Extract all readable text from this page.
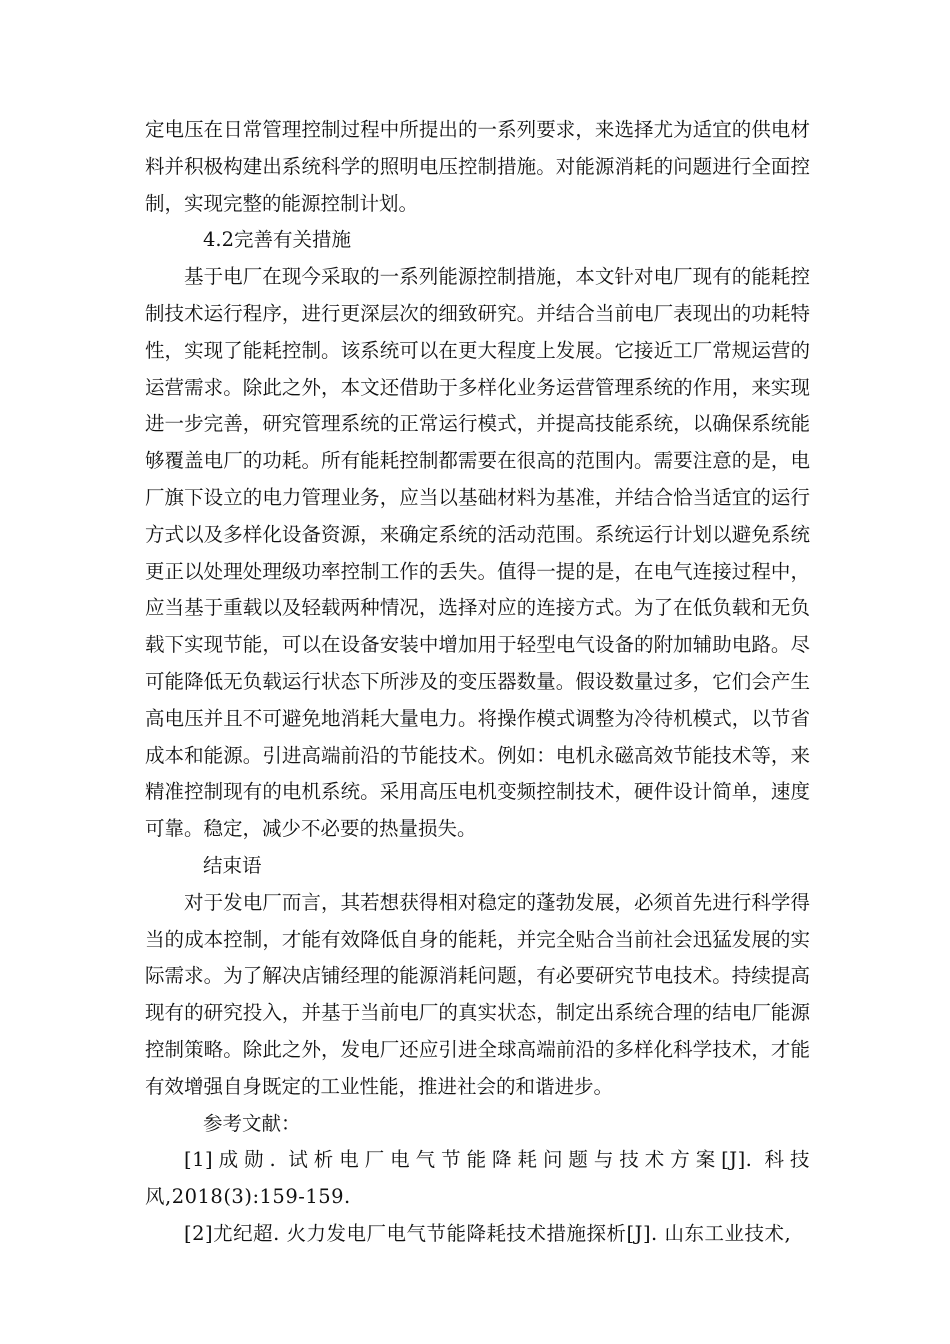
定电压在日常管理控制过程中所提出的一系列要求，来选择尤为适宜的供电材料并积极构建出系统科学的照明电压控制措施。对能源消耗的问题进行全面控制，实现完整的能源控制计划。

4.2完善有关措施

基于电厂在现今采取的一系列能源控制措施，本文针对电厂现有的能耗控制技术运行程序，进行更深层次的细致研究。并结合当前电厂表现出的功耗特性，实现了能耗控制。该系统可以在更大程度上发展。它接近工厂常规运营的运营需求。除此之外，本文还借助于多样化业务运营管理系统的作用，来实现进一步完善，研究管理系统的正常运行模式，并提高技能系统，以确保系统能够覆盖电厂的功耗。所有能耗控制都需要在很高的范围内。需要注意的是，电厂旗下设立的电力管理业务，应当以基础材料为基准，并结合恰当适宜的运行方式以及多样化设备资源，来确定系统的活动范围。系统运行计划以避免系统更正以处理处理级功率控制工作的丢失。值得一提的是，在电气连接过程中，应当基于重载以及轻载两种情况，选择对应的连接方式。为了在低负载和无负载下实现节能，可以在设备安装中增加用于轻型电气设备的附加辅助电路。尽可能降低无负载运行状态下所涉及的变压器数量。假设数量过多，它们会产生高电压并且不可避免地消耗大量电力。将操作模式调整为冷待机模式，以节省成本和能源。引进高端前沿的节能技术。例如：电机永磁高效节能技术等，来精准控制现有的电机系统。采用高压电机变频控制技术，硬件设计简单，速度可靠。稳定，减少不必要的热量损失。

结束语

对于发电厂而言，其若想获得相对稳定的蓬勃发展，必须首先进行科学得当的成本控制，才能有效降低自身的能耗，并完全贴合当前社会迅猛发展的实际需求。为了解决店铺经理的能源消耗问题，有必要研究节电技术。持续提高现有的研究投入，并基于当前电厂的真实状态，制定出系统合理的结电厂能源控制策略。除此之外，发电厂还应引进全球高端前沿的多样化科学技术，才能有效增强自身既定的工业性能，推进社会的和谐进步。

参考文献：

[1]成勋. 试析电厂电气节能降耗问题与技术方案[J]. 科技风,2018(3):159-159.

[2]尤纪超. 火力发电厂电气节能降耗技术措施探析[J]. 山东工业技术,
